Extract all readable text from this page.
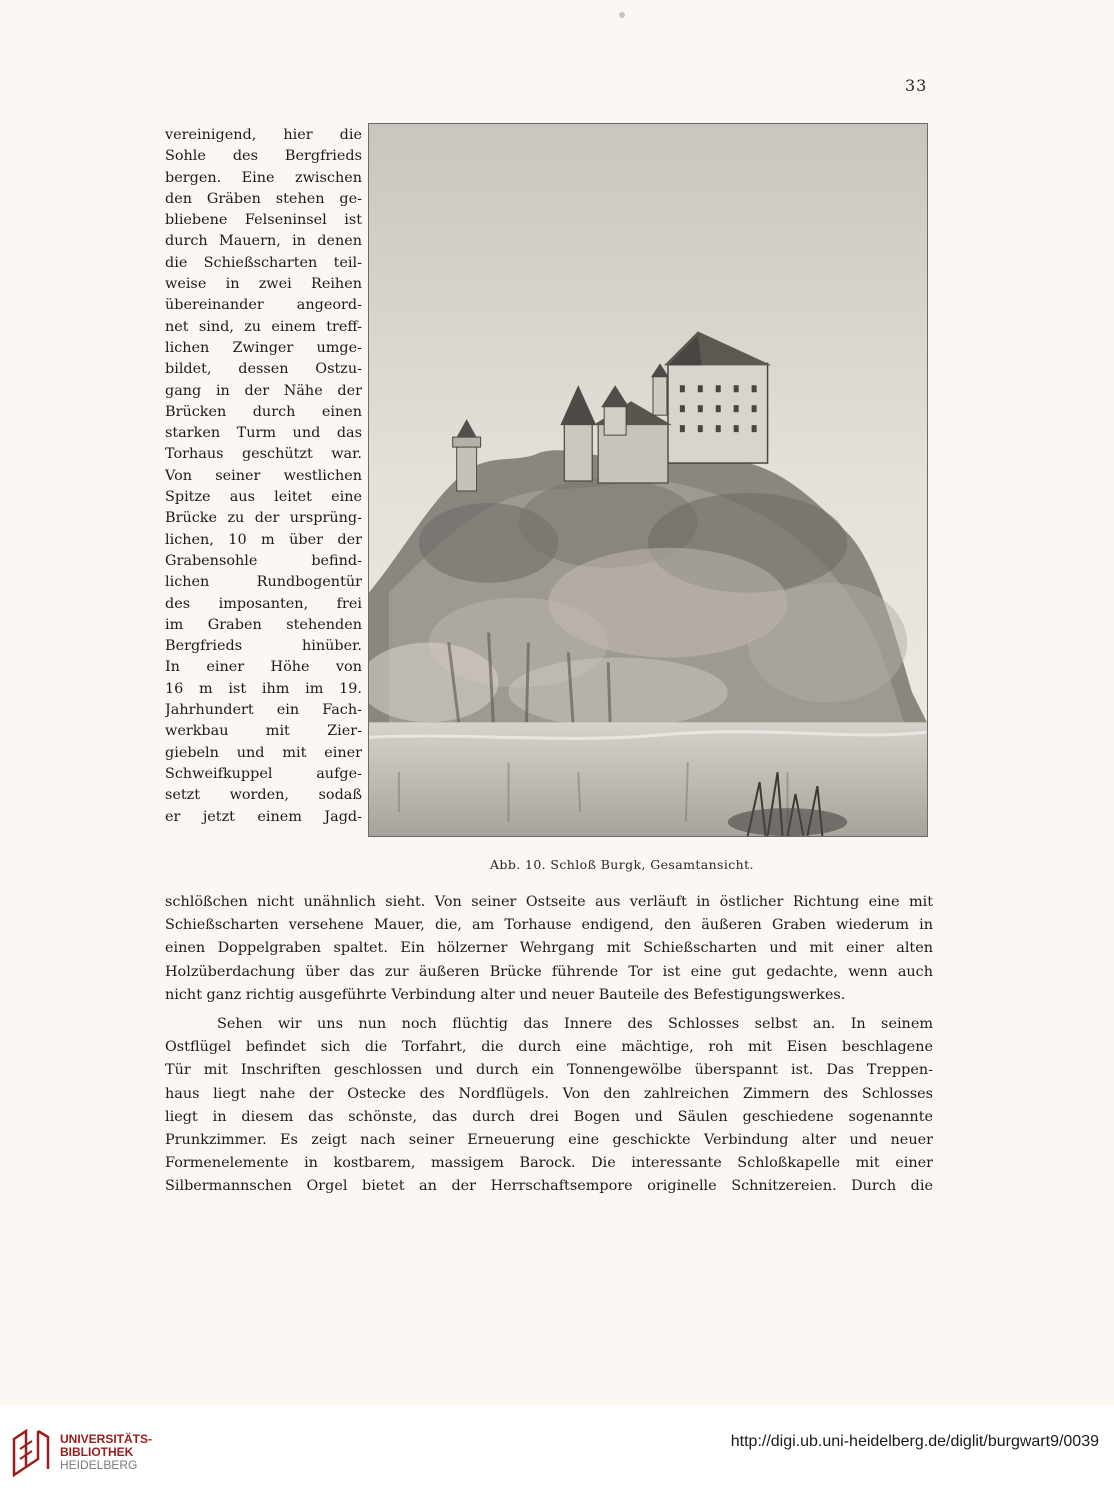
33
vereinigend, hier die
Sohle des Bergfrieds
bergen. Eine zwischen
den Gräben stehen ge-
bliebene Felseninsel ist
durch Mauern, in denen
die Schießscharten teil-
weise in zwei Reihen
übereinander angeord-
net sind, zu einem treff-
lichen Zwinger umge-
bildet, dessen Ostzu-
gang in der Nähe der
Brücken durch einen
starken Turm und das
Torhaus geschützt war.
Von seiner westlichen
Spitze aus leitet eine
Brücke zu der ursprüng-
lichen, 10 m über der
Grabensohle befind-
lichen Rundbogentür
des imposanten, frei
im Graben stehenden
Bergfrieds hinüber.
In einer Höhe von
16 m ist ihm im 19.
Jahrhundert ein Fach-
werkbau mit Zier-
giebeln und mit einer
Schweifkuppel aufge-
setzt worden, sodaß
er jetzt einem Jagd-
Abb. 10. Schloß Burgk, Gesamtansicht.
schlößchen nicht unähnlich sieht. Von seiner Ostseite aus verläuft in östlicher Richtung eine mit
Schießscharten versehene Mauer, die, am Torhause endigend, den äußeren Graben wiederum in
einen Doppelgraben spaltet. Ein hölzerner Wehrgang mit Schießscharten und mit einer alten
Holzüberdachung über das zur äußeren Brücke führende Tor ist eine gut gedachte, wenn auch
nicht ganz richtig ausgeführte Verbindung alter und neuer Bauteile des Befestigungswerkes.
Sehen wir uns nun noch flüchtig das Innere des Schlosses selbst an. In seinem
Ostflügel befindet sich die Torfahrt, die durch eine mächtige, roh mit Eisen beschlagene
Tür mit Inschriften geschlossen und durch ein Tonnengewölbe überspannt ist. Das Treppen-
haus liegt nahe der Ostecke des Nordflügels. Von den zahlreichen Zimmern des Schlosses
liegt in diesem das schönste, das durch drei Bogen und Säulen geschiedene sogenannte
Prunkzimmer. Es zeigt nach seiner Erneuerung eine geschickte Verbindung alter und neuer
Formenelemente in kostbarem, massigem Barock. Die interessante Schloßkapelle mit einer
Silbermannschen Orgel bietet an der Herrschaftsempore originelle Schnitzereien. Durch die
UNIVERSITÄTS-
BIBLIOTHEK
HEIDELBERG
http://digi.ub.uni-heidelberg.de/diglit/burgwart9/0039
